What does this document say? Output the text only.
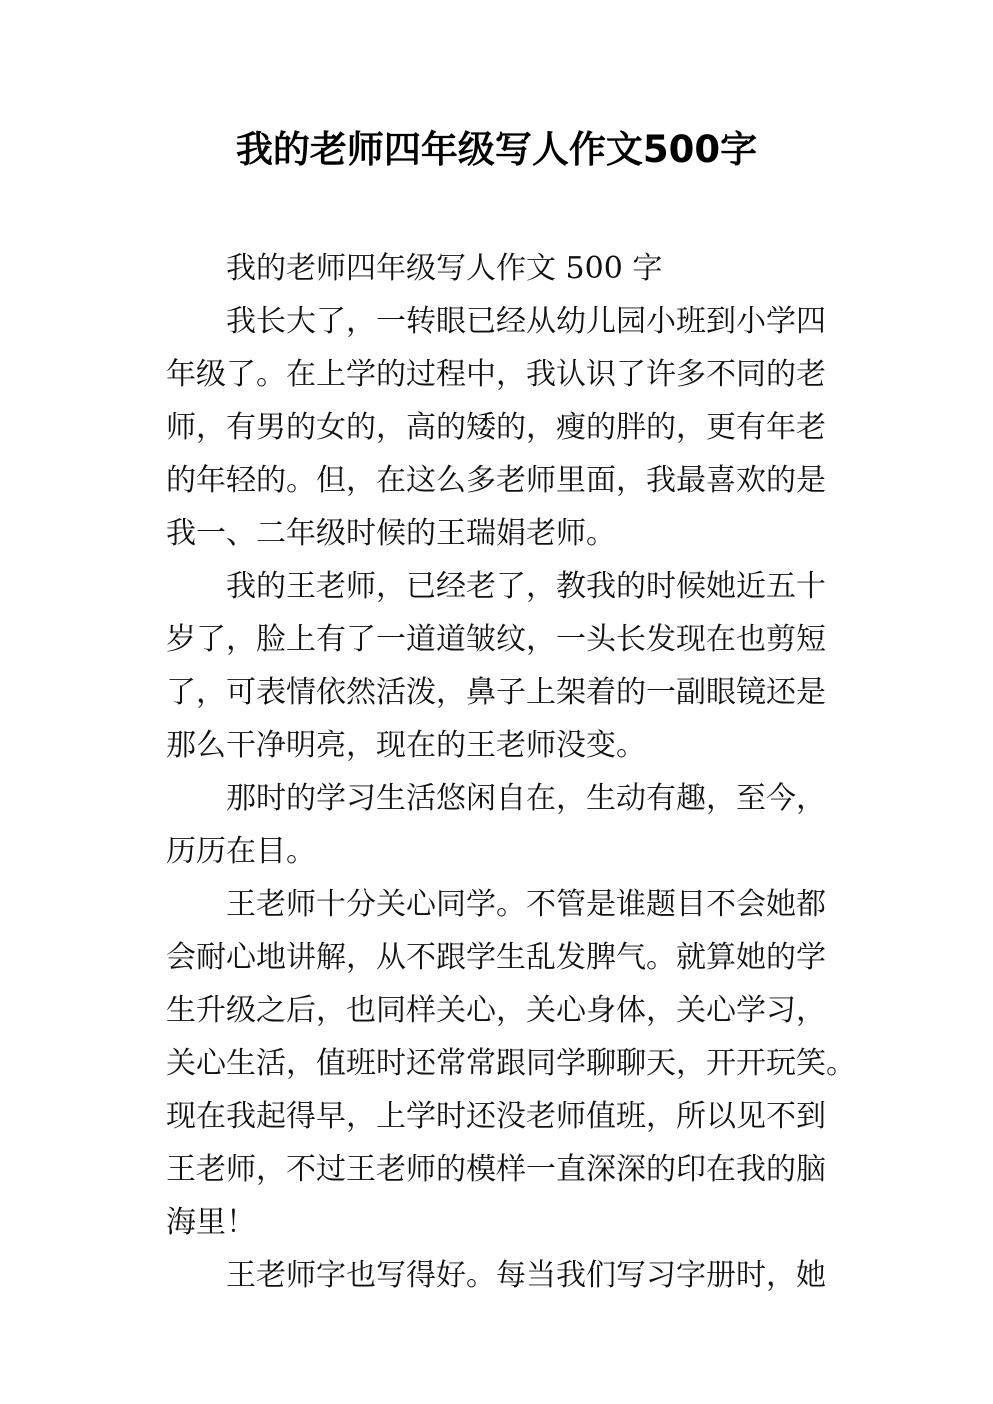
我的老师四年级写人作文500字
我的老师四年级写人作文 500 字
我长大了，一转眼已经从幼儿园小班到小学四
年级了。在上学的过程中，我认识了许多不同的老
师，有男的女的，高的矮的，瘦的胖的，更有年老
的年轻的。但，在这么多老师里面，我最喜欢的是
我一、二年级时候的王瑞娟老师。
我的王老师，已经老了，教我的时候她近五十
岁了，脸上有了一道道皱纹，一头长发现在也剪短
了，可表情依然活泼，鼻子上架着的一副眼镜还是
那么干净明亮，现在的王老师没变。
那时的学习生活悠闲自在，生动有趣，至今，
历历在目。
王老师十分关心同学。不管是谁题目不会她都
会耐心地讲解，从不跟学生乱发脾气。就算她的学
生升级之后，也同样关心，关心身体，关心学习，
关心生活，值班时还常常跟同学聊聊天，开开玩笑。
现在我起得早，上学时还没老师值班，所以见不到
王老师，不过王老师的模样一直深深的印在我的脑
海里！
王老师字也写得好。每当我们写习字册时，她
